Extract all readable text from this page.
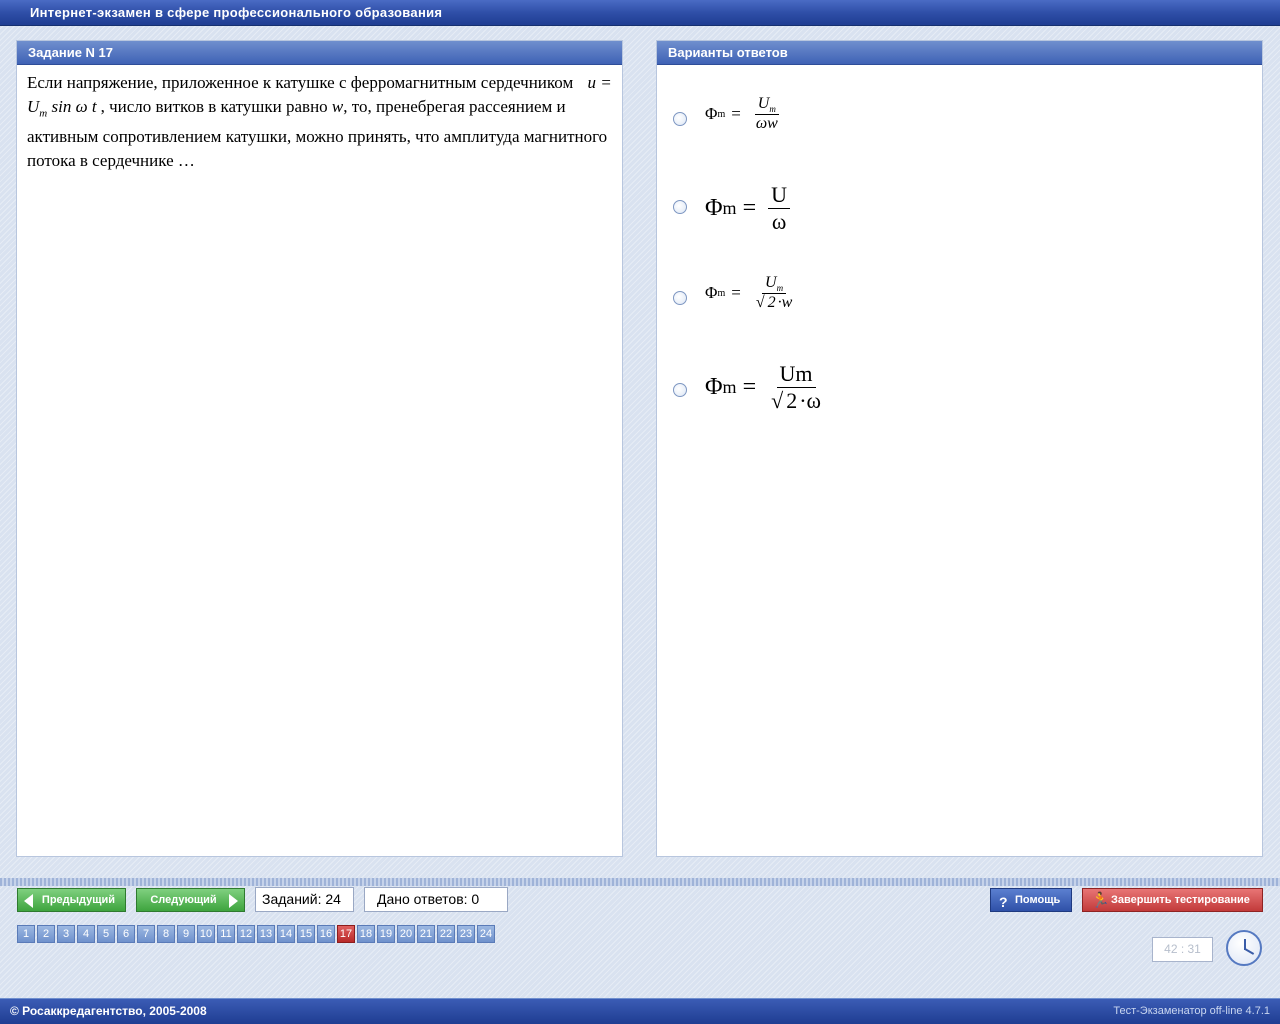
Интернет-экзамен в сфере профессионального образования
Задание N 17
Если напряжение, приложенное к катушке с ферромагнитным сердечником $u = U_m$ sin ω t , число витков в катушки равно w, то, пренебрегая рассеянием и активным сопротивлением катушки, можно принять, что амплитуда магнитного потока в сердечнике …
Варианты ответов
Φ $m = \frac{U_m}{\omega w}$
Φ $m = \frac{U}{\omega}$
Φ $m = \frac{U_m}{√ 2 \cdot w}$
Φ $m = \frac{Um}{√ 2\cdot\omega}$
Предыдущий	Следующий	Заданий: 24	Дано ответов: 0	? Помощь	🏃 Завершить тестирование
1	2	3	4	5	6	7	8	9 10 11 12 13 14 15 16 17 18 19 20 21 22 23 24
42 : 31
© Росаккредагентство, 2005-2008	Тест-Экзаменатор off-line 4.7.1
